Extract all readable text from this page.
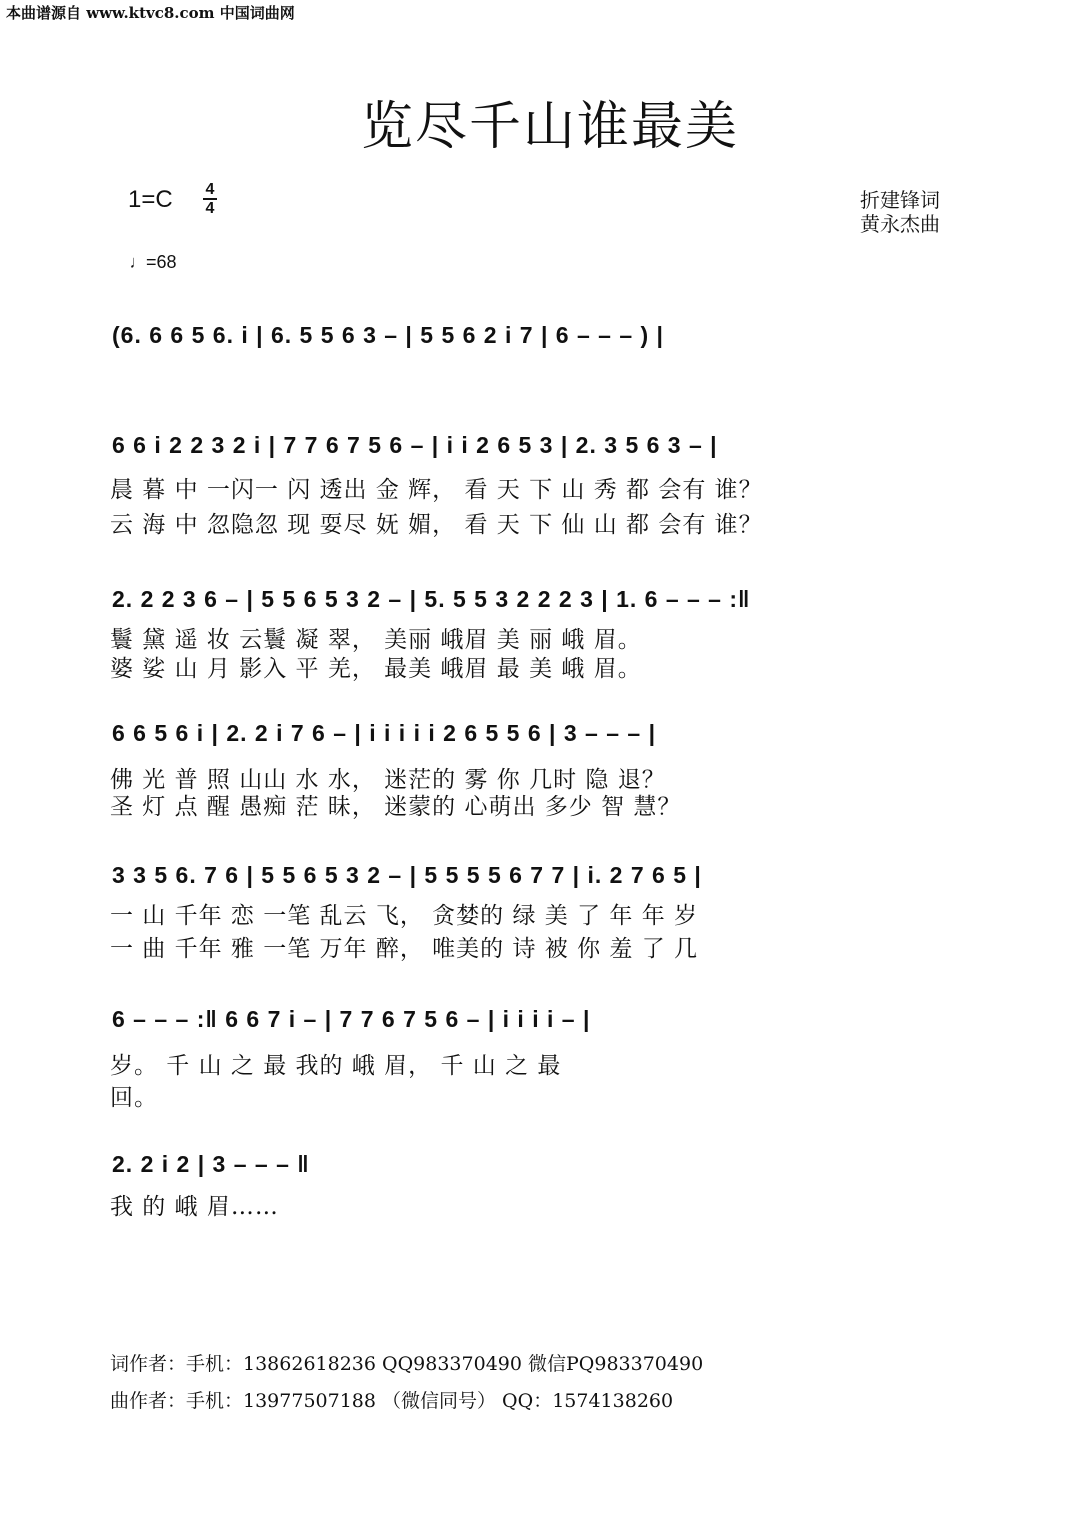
本曲谱源自 www.ktvc8.com 中国词曲网
览尽千山谁最美
1=C 4
4
♩ =68
折建锋词
黄永杰曲
(6. 6 6 5 6. i | 6. 5 5 6 3 – | 5 5 6 2 i 7 | 6 – – – ) |
6 6 i 2 2 3 2 i | 7 7 6 7 5 6 – | i i 2 6 5 3 | 2. 3 5 6 3 – |
晨 暮 中 一闪一 闪 透出 金 辉， 看 天 下 山 秀 都 会有 谁？
云 海 中 忽隐忽 现 耍尽 妩 媚， 看 天 下 仙 山 都 会有 谁？
2. 2 2 3 6 – | 5 5 6 5 3 2 – | 5. 5 5 3 2 2 2 3 | 1. 6 – – – :‖
鬟 黛 遥 妆 云鬟 凝 翠， 美丽 峨眉 美 丽 峨 眉。
婆 娑 山 月 影入 平 羌， 最美 峨眉 最 美 峨 眉。
6 6 5 6 i | 2. 2 i 7 6 – | i i i i i 2 6 5 5 6 | 3 – – – |
佛 光 普 照 山山 水 水， 迷茫的 雾 你 几时 隐 退？
圣 灯 点 醒 愚痴 茫 昧， 迷蒙的 心萌出 多少 智 慧？
3 3 5 6. 7 6 | 5 5 6 5 3 2 – | 5 5 5 5 6 7 7 | i. 2 7 6 5 |
一 山 千年 恋 一笔 乱云 飞， 贪婪的 绿 美 了 年 年 岁
一 曲 千年 雅 一笔 万年 醉， 唯美的 诗 被 你 羞 了 几
6 – – – :‖ 6 6 7 i – | 7 7 6 7 5 6 – | i i i i – |
岁。 千 山 之 最 我的 峨 眉， 千 山 之 最
回。
2. 2 i 2 | 3 – – – ‖
我 的 峨 眉……
词作者：手机：13862618236 QQ983370490 微信PQ983370490
曲作者：手机：13977507188 （微信同号） QQ：1574138260
